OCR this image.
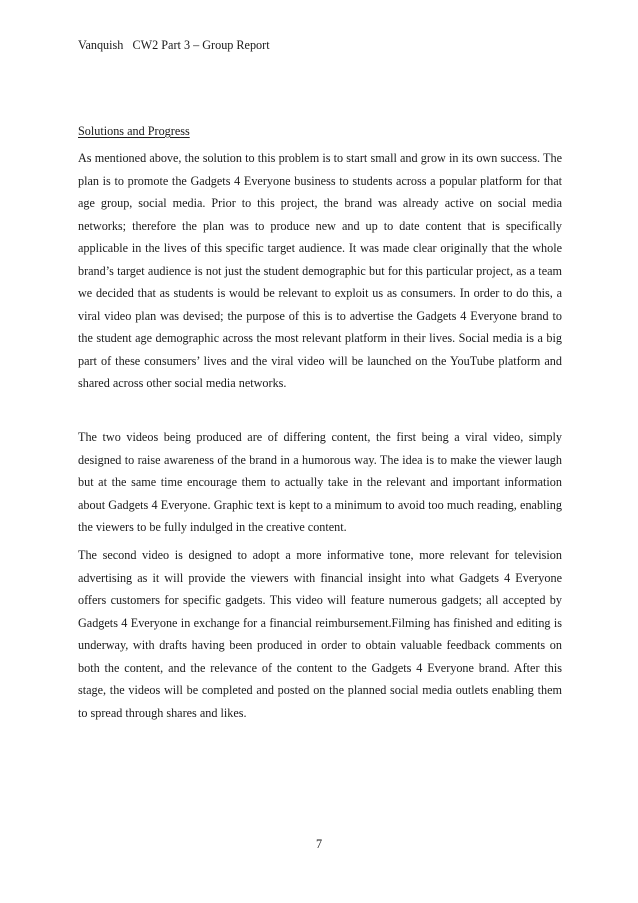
Vanquish   CW2 Part 3 – Group Report
Solutions and Progress

As mentioned above, the solution to this problem is to start small and grow in its own success. The plan is to promote the Gadgets 4 Everyone business to students across a popular platform for that age group, social media. Prior to this project, the brand was already active on social media networks; therefore the plan was to produce new and up to date content that is specifically applicable in the lives of this specific target audience. It was made clear originally that the whole brand’s target audience is not just the student demographic but for this particular project, as a team we decided that as students is would be relevant to exploit us as consumers. In order to do this, a viral video plan was devised; the purpose of this is to advertise the Gadgets 4 Everyone brand to the student age demographic across the most relevant platform in their lives. Social media is a big part of these consumers’ lives and the viral video will be launched on the YouTube platform and shared across other social media networks.

The two videos being produced are of differing content, the first being a viral video, simply designed to raise awareness of the brand in a humorous way. The idea is to make the viewer laugh but at the same time encourage them to actually take in the relevant and important information about Gadgets 4 Everyone. Graphic text is kept to a minimum to avoid too much reading, enabling the viewers to be fully indulged in the creative content.

The second video is designed to adopt a more informative tone, more relevant for television advertising as it will provide the viewers with financial insight into what Gadgets 4 Everyone offers customers for specific gadgets. This video will feature numerous gadgets; all accepted by Gadgets 4 Everyone in exchange for a financial reimbursement.Filming has finished and editing is underway, with drafts having been produced in order to obtain valuable feedback comments on both the content, and the relevance of the content to the Gadgets 4 Everyone brand. After this stage, the videos will be completed and posted on the planned social media outlets enabling them to spread through shares and likes.

7
